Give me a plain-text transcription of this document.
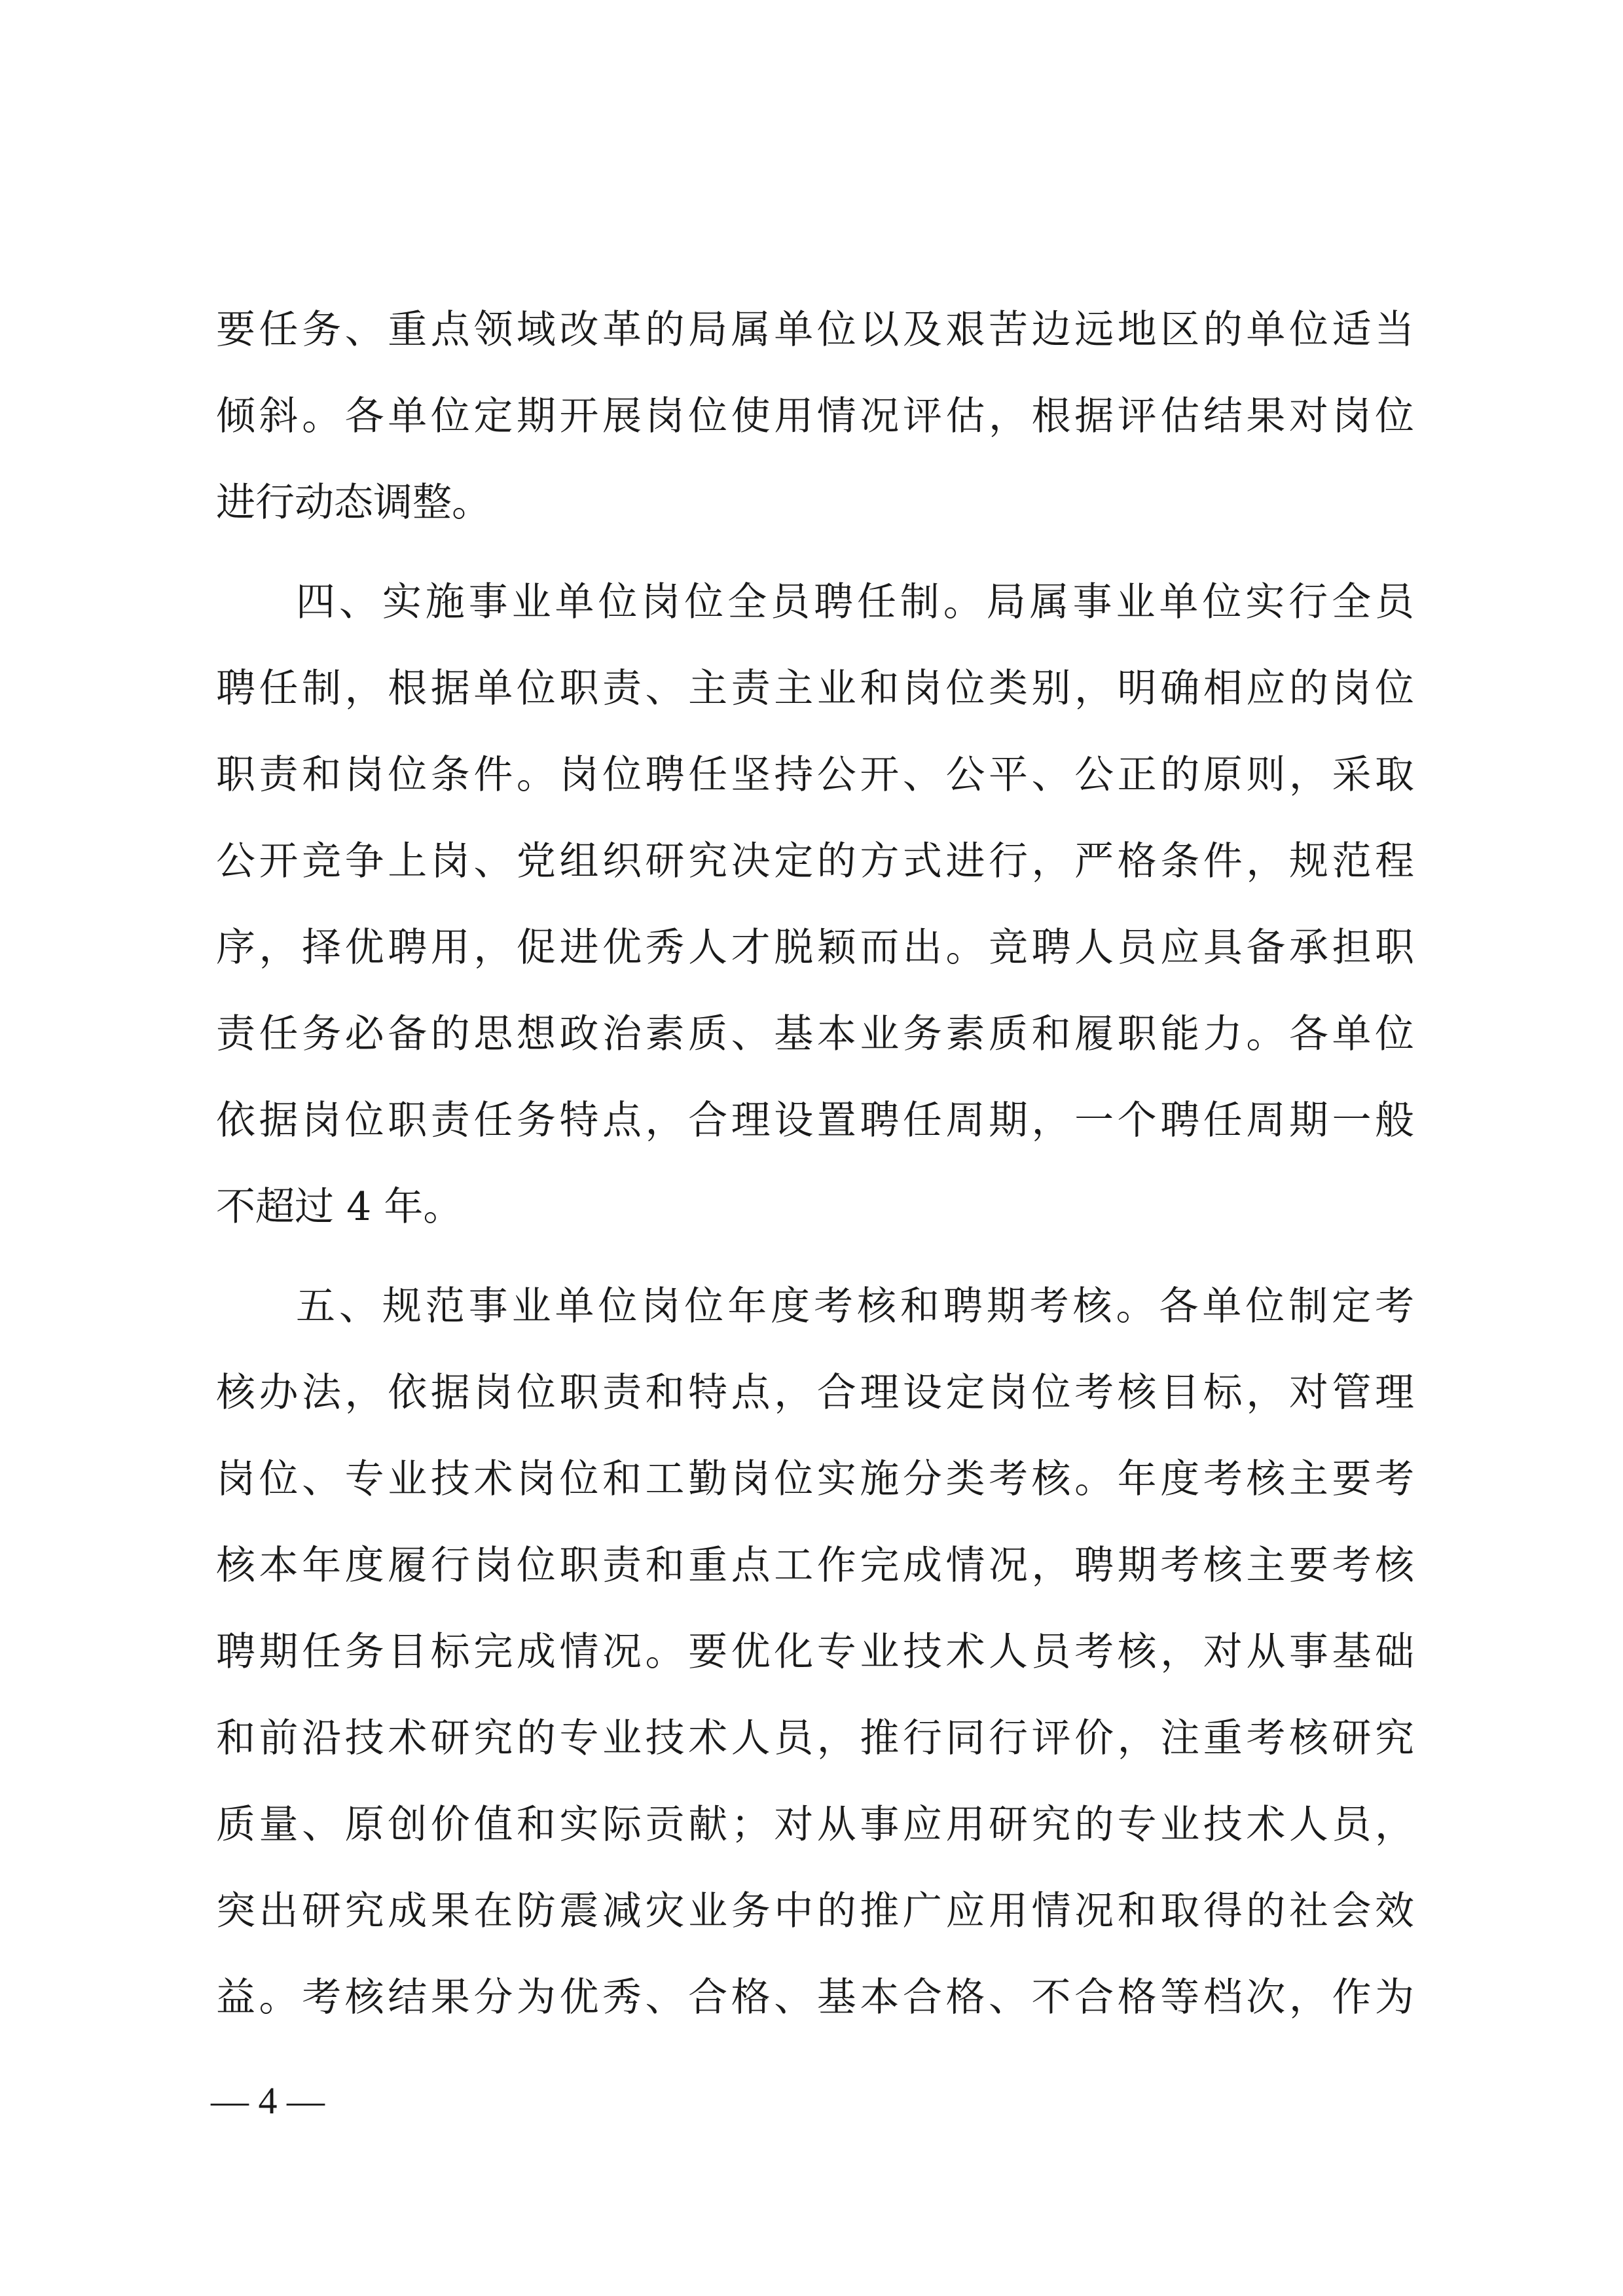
要任务、重点领域改革的局属单位以及艰苦边远地区的单位适当
倾斜。各单位定期开展岗位使用情况评估，根据评估结果对岗位
进行动态调整。
四、实施事业单位岗位全员聘任制。局属事业单位实行全员
聘任制，根据单位职责、主责主业和岗位类别，明确相应的岗位
职责和岗位条件。岗位聘任坚持公开、公平、公正的原则，采取
公开竞争上岗、党组织研究决定的方式进行，严格条件，规范程
序，择优聘用，促进优秀人才脱颖而出。竞聘人员应具备承担职
责任务必备的思想政治素质、基本业务素质和履职能力。各单位
依据岗位职责任务特点，合理设置聘任周期，一个聘任周期一般
不超过 4 年。
五、规范事业单位岗位年度考核和聘期考核。各单位制定考
核办法，依据岗位职责和特点，合理设定岗位考核目标，对管理
岗位、专业技术岗位和工勤岗位实施分类考核。年度考核主要考
核本年度履行岗位职责和重点工作完成情况，聘期考核主要考核
聘期任务目标完成情况。要优化专业技术人员考核，对从事基础
和前沿技术研究的专业技术人员，推行同行评价，注重考核研究
质量、原创价值和实际贡献；对从事应用研究的专业技术人员，
突出研究成果在防震减灾业务中的推广应用情况和取得的社会效
益。考核结果分为优秀、合格、基本合格、不合格等档次，作为
— 4 —
